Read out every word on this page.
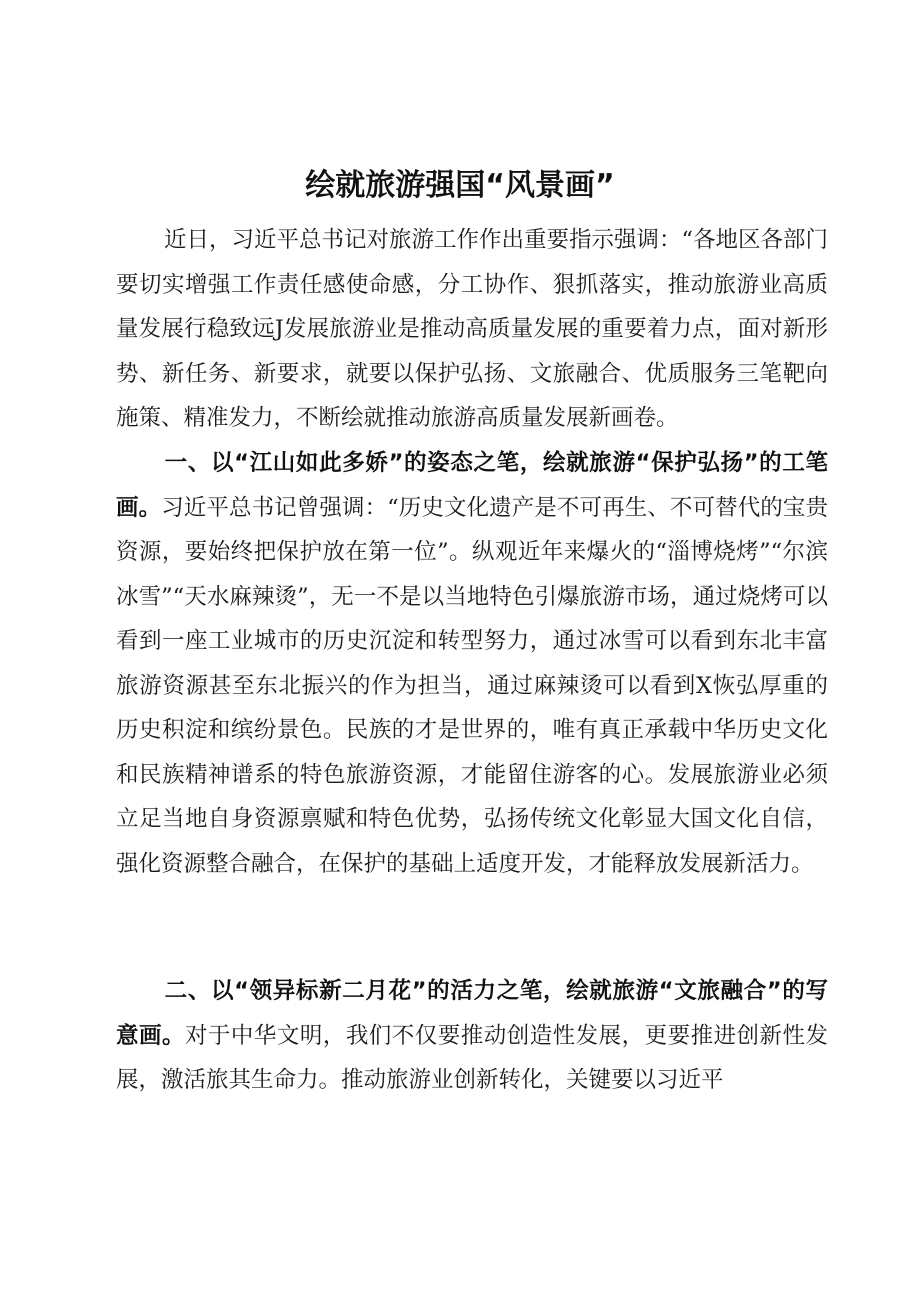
绘就旅游强国“风景画”

近日，习近平总书记对旅游工作作出重要指示强调：“各地区各部门要切实增强工作责任感使命感，分工协作、狠抓落实，推动旅游业高质量发展行稳致远J发展旅游业是推动高质量发展的重要着力点，面对新形势、新任务、新要求，就要以保护弘扬、文旅融合、优质服务三笔靶向施策、精准发力，不断绘就推动旅游高质量发展新画卷。

一、以“江山如此多娇”的姿态之笔，绘就旅游“保护弘扬”的工笔画。习近平总书记曾强调：“历史文化遗产是不可再生、不可替代的宝贵资源，要始终把保护放在第一位”。纵观近年来爆火的“淄博烧烤”“尔滨冰雪”“天水麻辣烫”，无一不是以当地特色引爆旅游市场，通过烧烤可以看到一座工业城市的历史沉淀和转型努力，通过冰雪可以看到东北丰富旅游资源甚至东北振兴的作为担当，通过麻辣烫可以看到X恢弘厚重的历史积淀和缤纷景色。民族的才是世界的，唯有真正承载中华历史文化和民族精神谱系的特色旅游资源，才能留住游客的心。发展旅游业必须立足当地自身资源禀赋和特色优势，弘扬传统文化彰显大国文化自信，强化资源整合融合，在保护的基础上适度开发，才能释放发展新活力。

二、以“领异标新二月花”的活力之笔，绘就旅游“文旅融合”的写意画。对于中华文明，我们不仅要推动创造性发展，更要推进创新性发展，激活旅其生命力。推动旅游业创新转化，关键要以习近平
